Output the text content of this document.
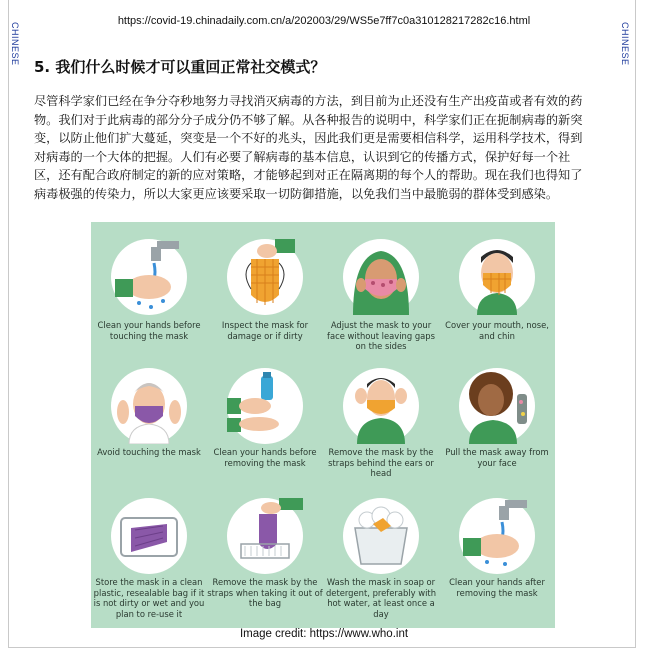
CHINESE	CHINESE
https://covid-19.chinadaily.com.cn/a/202003/29/WS5e7ff7c0a310128217282c16.html
5. 我们什么时候才可以重回正常社交模式？
尽管科学家们已经在争分夺秒地努力寻找消灭病毒的方法，到目前为止还没有生产出疫苗或者有效的药
物。我们对于此病毒的部分分子成分仍不够了解。从各种报告的说明中，科学家们正在扼制病毒的新突
变，以防止他们扩大蔓延，突变是一个不好的兆头，因此我们更是需要相信科学，运用科学技术，得到
对病毒的一个大体的把握。人们有必要了解病毒的基本信息，认识到它的传播方式，保护好每一个社
区，还有配合政府制定的新的应对策略，才能够起到对正在隔离期的每个人的帮助。现在我们也得知了
病毒极强的传染力，所以大家更应该要采取一切防御措施，以免我们当中最脆弱的群体受到感染。
Clean your hands before touching the mask
Inspect the mask for damage or if dirty
Adjust the mask to your face without leaving gaps on the sides
Cover your mouth, nose, and chin
Avoid touching the mask	Clean your hands before removing the mask
Remove the mask by the straps behind the ears or head
Pull the mask away from your face
Store the mask in a clean plastic, resealable bag if it is not dirty or wet and you plan to re-use it
Remove the mask by the straps when taking it out of the bag
Wash the mask in soap or detergent, preferably with hot water, at least once a day
Clean your hands after removing the mask
Image credit: https://www.who.int
